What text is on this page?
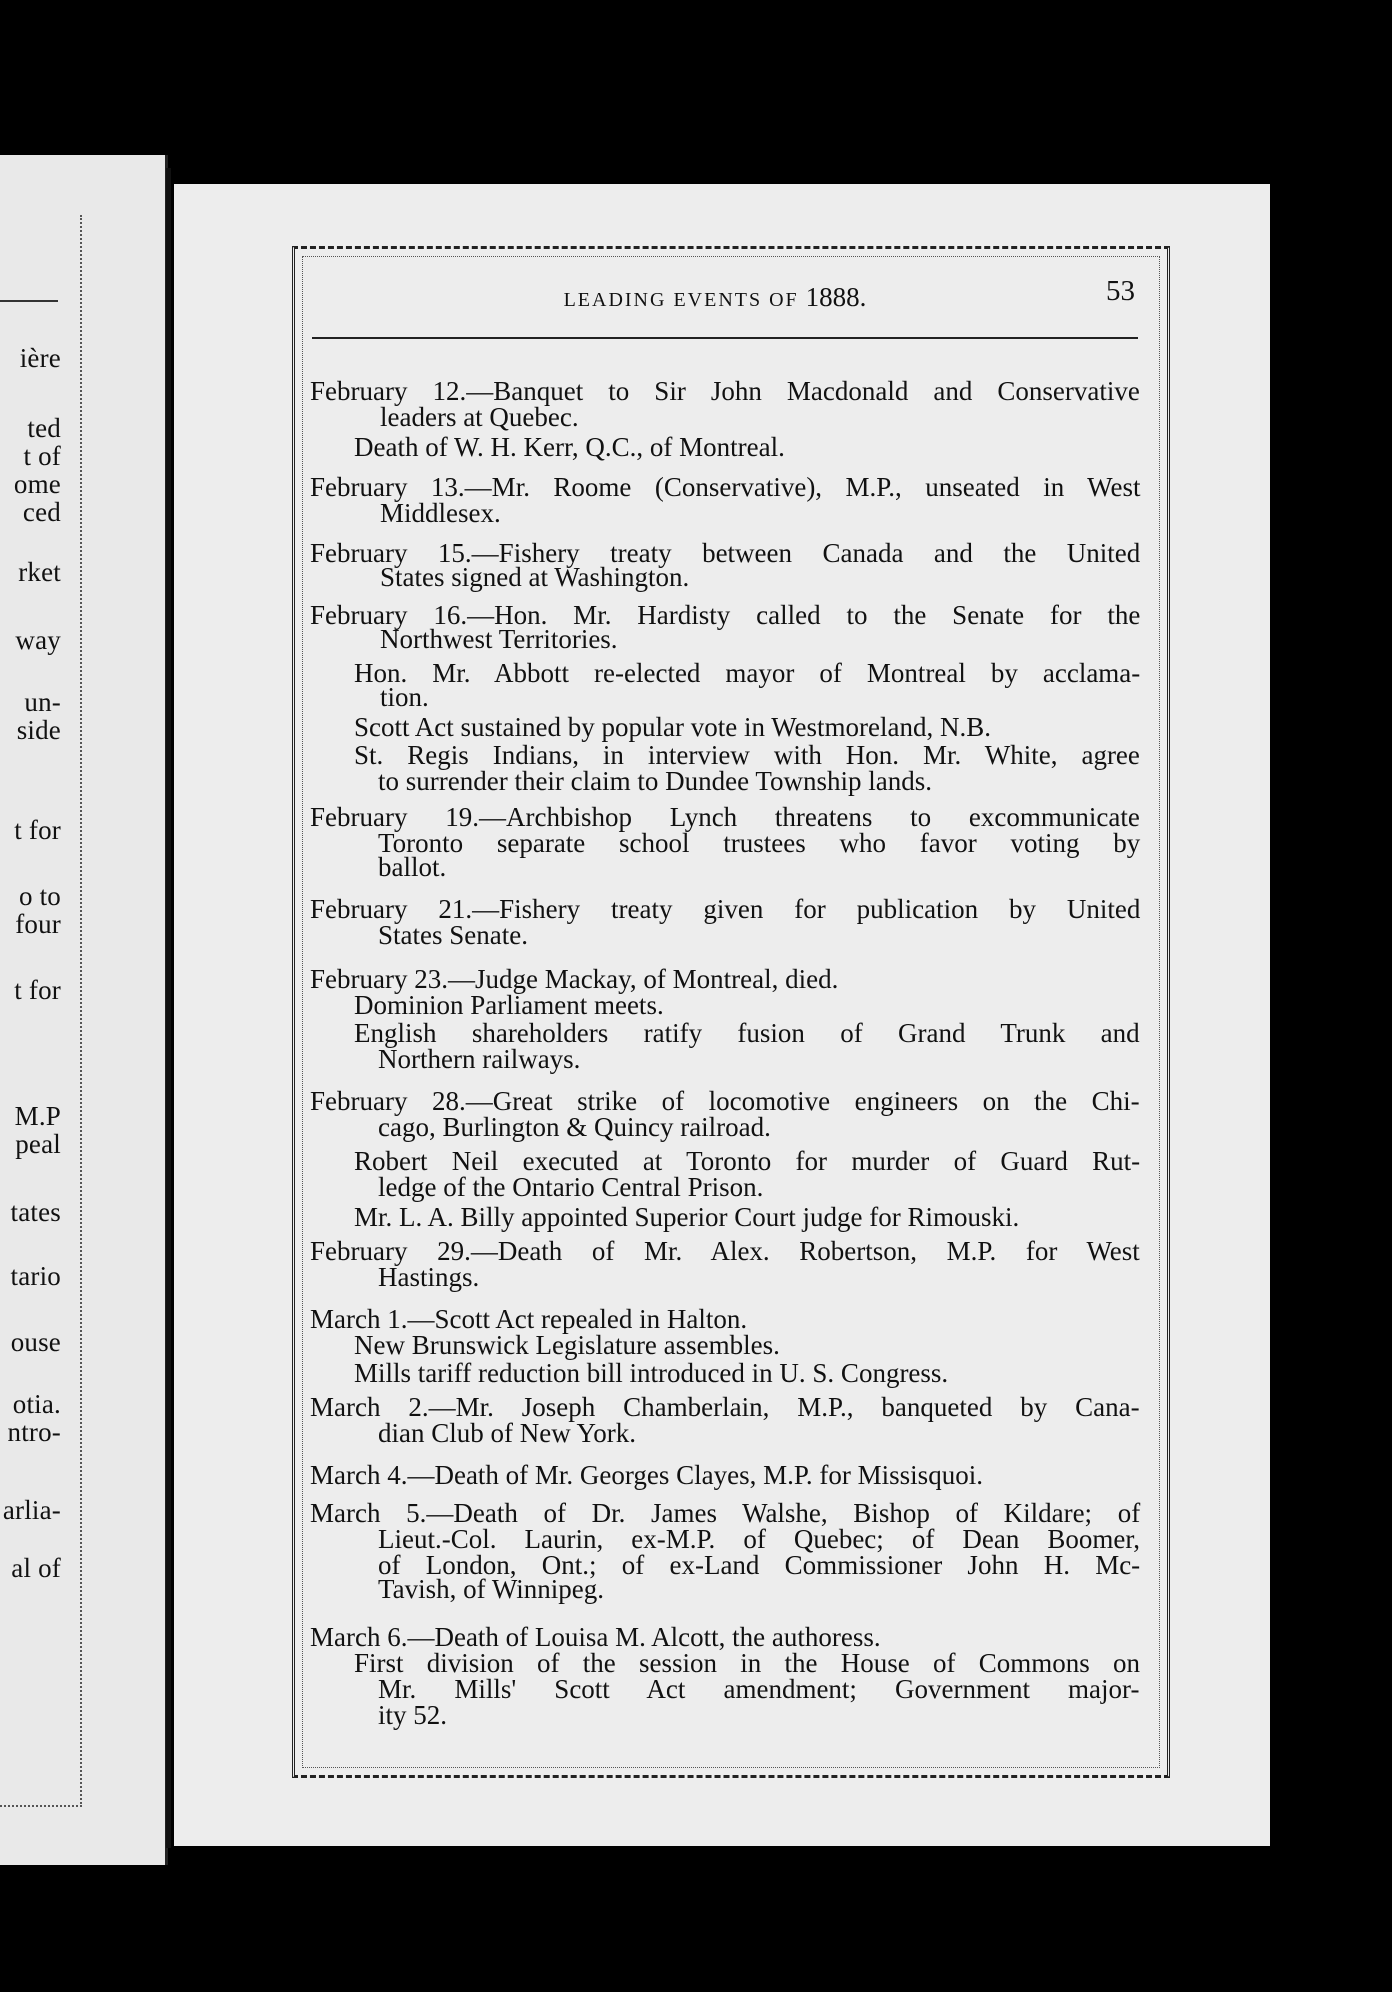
ière
ted
t of
ome
ced
rket
way
un-
side
t for
o to
four
t for
M.P
peal
tates
tario
ouse
otia.
ntro-
arlia-
al of
LEADING EVENTS OF 1888.	53
February 12.—Banquet to Sir John Macdonald and Conservative
leaders at Quebec.
Death of W. H. Kerr, Q.C., of Montreal.
February 13.—Mr. Roome (Conservative), M.P., unseated in West
Middlesex.
February 15.—Fishery treaty between Canada and the United
States signed at Washington.
February 16.—Hon. Mr. Hardisty called to the Senate for the
Northwest Territories.
Hon. Mr. Abbott re-elected mayor of Montreal by acclama-
tion.
Scott Act sustained by popular vote in Westmoreland, N.B.
St. Regis Indians, in interview with Hon. Mr. White, agree
to surrender their claim to Dundee Township lands.
February 19.—Archbishop Lynch threatens to excommunicate
Toronto separate school trustees who favor voting by
ballot.
February 21.—Fishery treaty given for publication by United
States Senate.
February 23.—Judge Mackay, of Montreal, died.
Dominion Parliament meets.
English shareholders ratify fusion of Grand Trunk and
Northern railways.
February 28.—Great strike of locomotive engineers on the Chi-
cago, Burlington & Quincy railroad.
Robert Neil executed at Toronto for murder of Guard Rut-
ledge of the Ontario Central Prison.
Mr. L. A. Billy appointed Superior Court judge for Rimouski.
February 29.—Death of Mr. Alex. Robertson, M.P. for West
Hastings.
March 1.—Scott Act repealed in Halton.
New Brunswick Legislature assembles.
Mills tariff reduction bill introduced in U. S. Congress.
March 2.—Mr. Joseph Chamberlain, M.P., banqueted by Cana-
dian Club of New York.
March 4.—Death of Mr. Georges Clayes, M.P. for Missisquoi.
March 5.—Death of Dr. James Walshe, Bishop of Kildare; of
Lieut.-Col. Laurin, ex-M.P. of Quebec; of Dean Boomer,
of London, Ont.; of ex-Land Commissioner John H. Mc-
Tavish, of Winnipeg.
March 6.—Death of Louisa M. Alcott, the authoress.
First division of the session in the House of Commons on
Mr. Mills' Scott Act amendment; Government major-
ity 52.
